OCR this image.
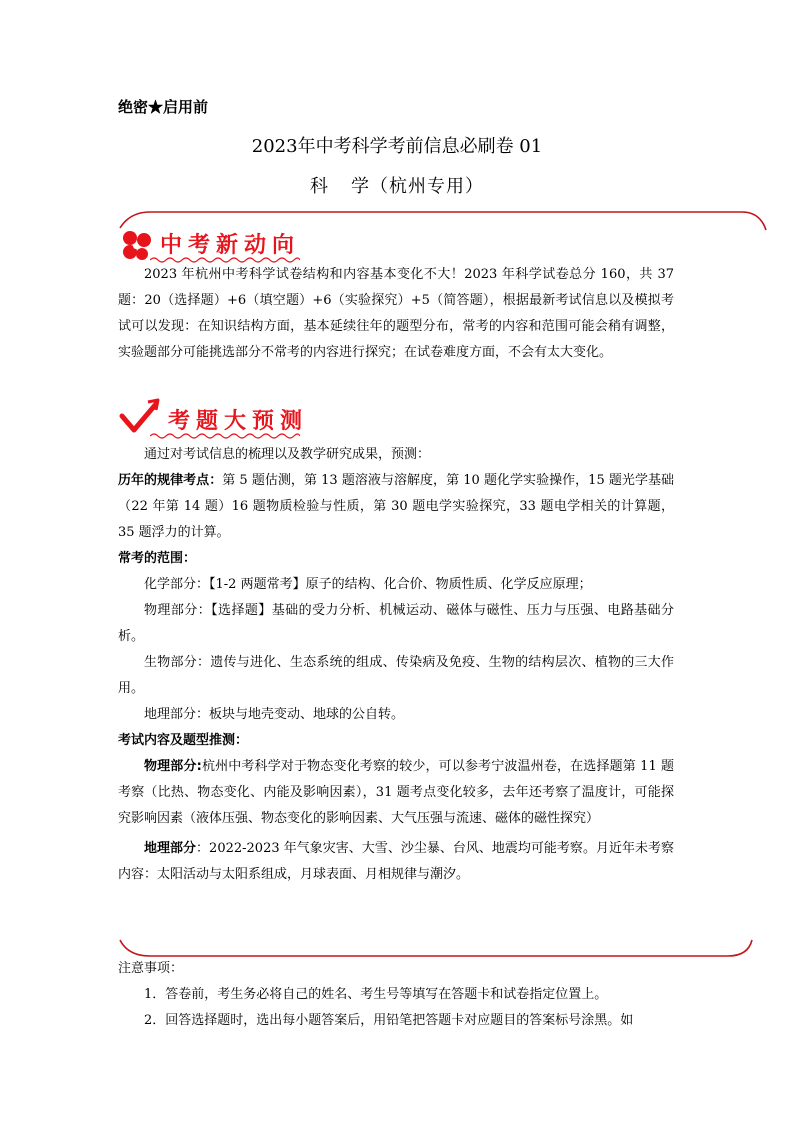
绝密★启用前
2023年中考科学考前信息必刷卷 01
科 学（杭州专用）
中考新动向

2023 年杭州中考科学试卷结构和内容基本变化不大！2023 年科学试卷总分 160，共 37 题：20（选择题）+6（填空题）+6（实验探究）+5（简答题），根据最新考试信息以及模拟考试可以发现：在知识结构方面，基本延续往年的题型分布，常考的内容和范围可能会稍有调整，实验题部分可能挑选部分不常考的内容进行探究；在试卷难度方面，不会有太大变化。

考题大预测

通过对考试信息的梳理以及教学研究成果，预测：

历年的规律考点：第 5 题估测，第 13 题溶液与溶解度，第 10 题化学实验操作，15 题光学基础（22 年第 14 题）16 题物质检验与性质，第 30 题电学实验探究，33 题电学相关的计算题，35 题浮力的计算。

常考的范围：

化学部分：【1-2 两题常考】原子的结构、化合价、物质性质、化学反应原理；

物理部分：【选择题】基础的受力分析、机械运动、磁体与磁性、压力与压强、电路基础分析。

生物部分：遗传与进化、生态系统的组成、传染病及免疫、生物的结构层次、植物的三大作用。

地理部分：板块与地壳变动、地球的公自转。

考试内容及题型推测：

物理部分:杭州中考科学对于物态变化考察的较少，可以参考宁波温州卷，在选择题第 11 题考察（比热、物态变化、内能及影响因素），31 题考点变化较多，去年还考察了温度计，可能探究影响因素（液体压强、物态变化的影响因素、大气压强与流速、磁体的磁性探究）

地理部分：2022-2023 年气象灾害、大雪、沙尘暴、台风、地震均可能考察。月近年未考察内容：太阳活动与太阳系组成，月球表面、月相规律与潮汐。

注意事项：

1．答卷前，考生务必将自己的姓名、考生号等填写在答题卡和试卷指定位置上。

2．回答选择题时，选出每小题答案后，用铅笔把答题卡对应题目的答案标号涂黑。如
